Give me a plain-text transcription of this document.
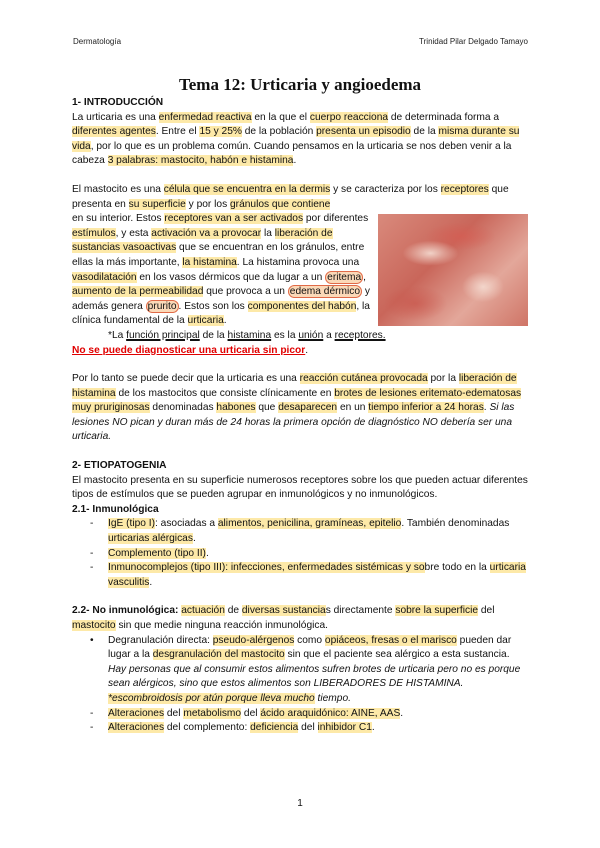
Dermatología	Trinidad Pilar Delgado Tamayo
Tema 12: Urticaria y angioedema
1- INTRODUCCIÓN

La urticaria es una enfermedad reactiva en la que el cuerpo reacciona de determinada forma a diferentes agentes. Entre el 15 y 25% de la población presenta un episodio de la misma durante su vida, por lo que es un problema común. Cuando pensamos en la urticaria se nos deben venir a la cabeza 3 palabras: mastocito, habón e histamina.

El mastocito es una célula que se encuentra en la dermis y se caracteriza por los receptores que presenta en su superficie y por los gránulos que contiene

en su interior. Estos receptores van a ser activados por diferentes estímulos, y esta activación va a provocar la liberación de sustancias vasoactivas que se encuentran en los gránulos, entre ellas la más importante, la histamina. La histamina provoca una vasodilatación en los vasos dérmicos que da lugar a un eritema , aumento de la permeabilidad que provoca a un edema dérmico y además genera prurito . Estos son los componentes del habón, la clínica fundamental de la urticaria.

*La función principal de la histamina es la unión a receptores.

No se puede diagnosticar una urticaria sin picor.

Por lo tanto se puede decir que la urticaria es una reacción cutánea provocada por la liberación de histamina de los mastocitos que consiste clínicamente en brotes de lesiones eritemato-edematosas muy pruriginosas denominadas habones que desaparecen en un tiempo inferior a 24 horas. Si las lesiones NO pican y duran más de 24 horas la primera opción de diagnóstico NO debería ser una urticaria.

2- ETIOPATOGENIA

El mastocito presenta en su superficie numerosos receptores sobre los que pueden actuar diferentes tipos de estímulos que se pueden agrupar en inmunológicos y no inmunológicos.

2.1- Inmunológica
- IgE (tipo I): asociadas a alimentos, penicilina, gramíneas, epitelio. También denominadas urticarias alérgicas.
- Complemento (tipo II).
- Inmunocomplejos (tipo III): infecciones, enfermedades sistémicas y sobre todo en la urticaria vasculitis.

2.2- No inmunológica: actuación de diversas sustancias directamente sobre la superficie del mastocito sin que medie ninguna reacción inmunológica.

• Degranulación directa: pseudo-alérgenos como opiáceos, fresas o el marisco pueden dar lugar a la desgranulación del mastocito sin que el paciente sea alérgico a esta sustancia. Hay personas que al consumir estos alimentos sufren brotes de urticaria pero no es porque sean alérgicos, sino que estos alimentos son LIBERADORES DE HISTAMINA. *escombroidosis por atún porque lleva mucho tiempo.
- Alteraciones del metabolismo del ácido araquidónico: AINE, AAS.
- Alteraciones del complemento: deficiencia del inhibidor C1.
1
